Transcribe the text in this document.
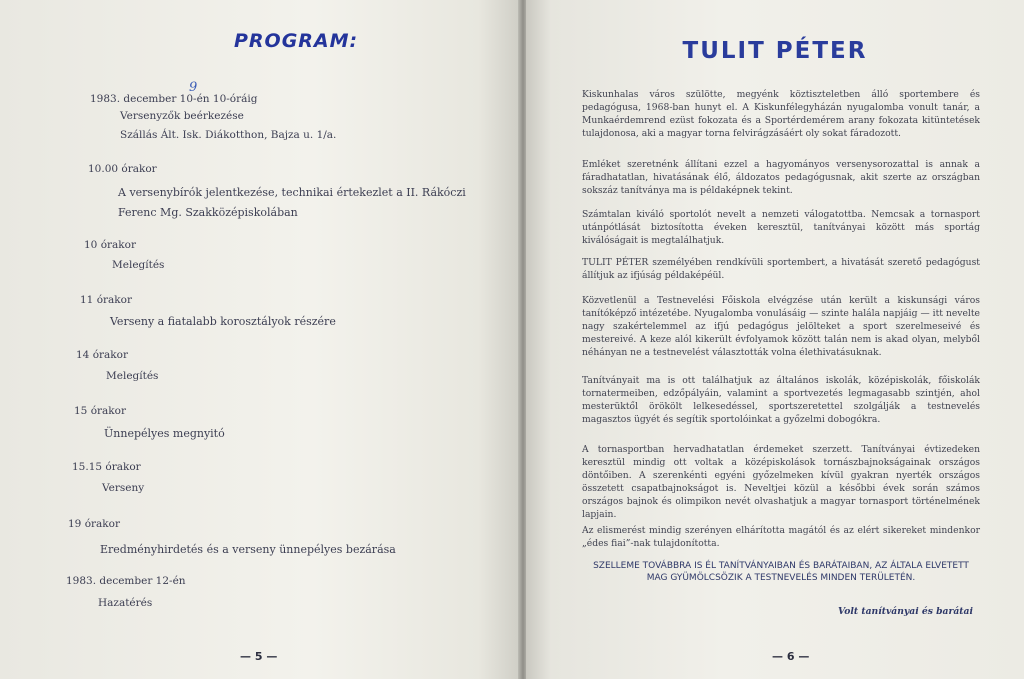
PROGRAM:
1983. december 10-én 10-óráig
9
Versenyzők beérkezése
Szállás Ált. Isk. Diákotthon, Bajza u. 1/a.
10.00 órakor
A versenybírók jelentkezése, technikai értekezlet a II. Rákóczi
Ferenc Mg. Szakközépiskolában
10 órakor
Melegítés
11 órakor
Verseny a fiatalabb korosztályok részére
14 órakor
Melegítés
15 órakor
Ünnepélyes megnyitó
15.15 órakor
Verseny
19 órakor
Eredményhirdetés és a verseny ünnepélyes bezárása
1983. december 12-én
Hazatérés
— 5 —
TULIT PÉTER

Kiskunhalas város szülötte, megyénk köztiszteletben álló sportembere és pedagógusa, 1968-ban hunyt el. A Kiskunfélegyházán nyugalomba vonult tanár, a Munkaérdemrend ezüst fokozata és a Sportérdemérem arany fokozata kitüntetések tulajdonosa, aki a magyar torna felvirágzásáért oly sokat fáradozott.

Emléket szeretnénk állítani ezzel a hagyományos versenysorozattal is annak a fáradhatatlan, hivatásának élő, áldozatos pedagógusnak, akit szerte az országban sokszáz tanítványa ma is példaképnek tekint.

Számtalan kiváló sportolót nevelt a nemzeti válogatottba. Nemcsak a tornasport utánpótlását biztosította éveken keresztül, tanítványai között más sportág kiválóságait is megtalálhatjuk.

TULIT PÉTER személyében rendkívüli sportembert, a hivatását szerető pedagógust állítjuk az ifjúság példaképéül.

Közvetlenül a Testnevelési Főiskola elvégzése után került a kiskunsági város tanítóképző intézetébe. Nyugalomba vonulásáig — szinte halála napjáig — itt nevelte nagy szakértelemmel az ifjú pedagógus jelölteket a sport szerelmeseivé és mestereivé. A keze alól kikerült évfolyamok között talán nem is akad olyan, melyből néhányan ne a testnevelést választották volna élethivatásuknak.

Tanítványait ma is ott találhatjuk az általános iskolák, középiskolák, főiskolák tornatermeiben, edzőpályáin, valamint a sportvezetés legmagasabb szintjén, ahol mesterüktől örökölt lelkesedéssel, sportszeretettel szolgálják a testnevelés magasztos ügyét és segítik sportolóinkat a győzelmi dobogókra.

A tornasportban hervadhatatlan érdemeket szerzett. Tanítványai évtizedeken keresztül mindig ott voltak a középiskolások tornászbajnokságainak országos döntőiben. A szerenkénti egyéni győzelmeken kívül gyakran nyerték országos összetett csapatbajnokságot is. Neveltjei közül a későbbi évek során számos országos bajnok és olimpikon nevét olvashatjuk a magyar tornasport történelmének lapjain.

Az elismerést mindig szerényen elhárította magától és az elért sikereket mindenkor „édes fiai”-nak tulajdonította.

SZELLEME TOVÁBBRA IS ÉL TANÍTVÁNYAIBAN ÉS BARÁTAIBAN, AZ ÁLTALA ELVETETT MAG GYÜMÖLCSÖZIK A TESTNEVELÉS MINDEN TERÜLETÉN.

Volt tanítványai és barátai
— 6 —
